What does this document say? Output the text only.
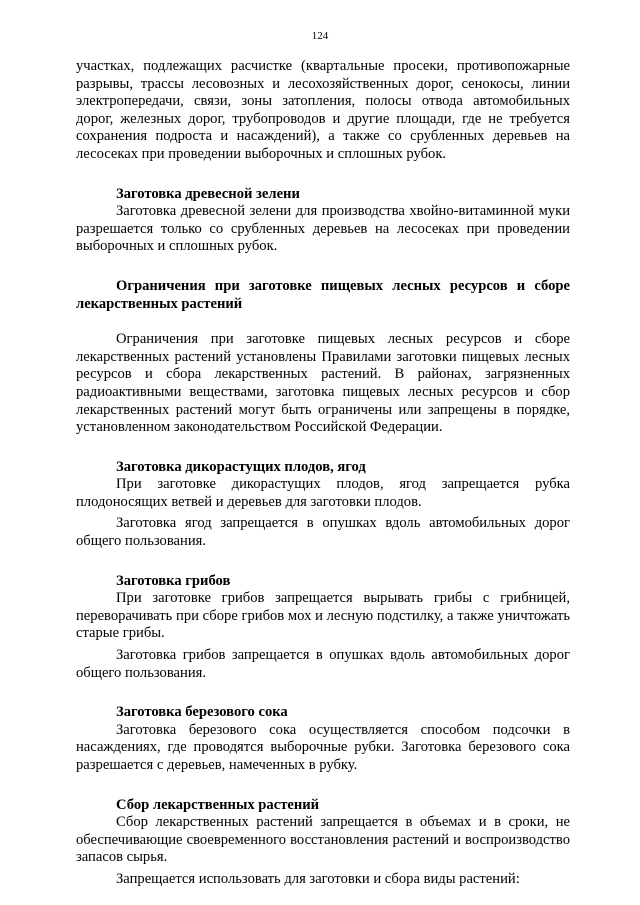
124

участках, подлежащих расчистке (квартальные просеки, противопожарные разрывы, трассы лесовозных и лесохозяйственных дорог, сенокосы, линии электропередачи, связи, зоны затопления, полосы отвода автомобильных дорог, железных дорог, трубопроводов и другие площади, где не требуется сохранения подроста и насаждений), а также со срубленных деревьев на лесосеках при проведении выборочных и сплошных рубок.

Заготовка древесной зелени

Заготовка древесной зелени для производства хвойно-витаминной муки разрешается только со срубленных деревьев на лесосеках при проведении выборочных и сплошных рубок.

Ограничения при заготовке пищевых лесных ресурсов и сборе лекарственных растений

Ограничения при заготовке пищевых лесных ресурсов и сборе лекарственных растений установлены Правилами заготовки пищевых лесных ресурсов и сбора лекарственных растений. В районах, загрязненных радиоактивными веществами, заготовка пищевых лесных ресурсов и сбор лекарственных растений могут быть ограничены или запрещены в порядке, установленном законодательством Российской Федерации.

Заготовка дикорастущих плодов, ягод

При заготовке дикорастущих плодов, ягод запрещается рубка плодоносящих ветвей и деревьев для заготовки плодов.

Заготовка ягод запрещается в опушках вдоль автомобильных дорог общего пользования.

Заготовка грибов

При заготовке грибов запрещается вырывать грибы с грибницей, переворачивать при сборе грибов мох и лесную подстилку, а также уничтожать старые грибы.

Заготовка грибов запрещается в опушках вдоль автомобильных дорог общего пользования.

Заготовка березового сока

Заготовка березового сока осуществляется способом подсочки в насаждениях, где проводятся выборочные рубки. Заготовка березового сока разрешается с деревьев, намеченных в рубку.

Сбор лекарственных растений

Сбор лекарственных растений запрещается в объемах и в сроки, не обеспечивающие своевременного восстановления растений и воспроизводство запасов сырья.

Запрещается использовать для заготовки и сбора виды растений:
